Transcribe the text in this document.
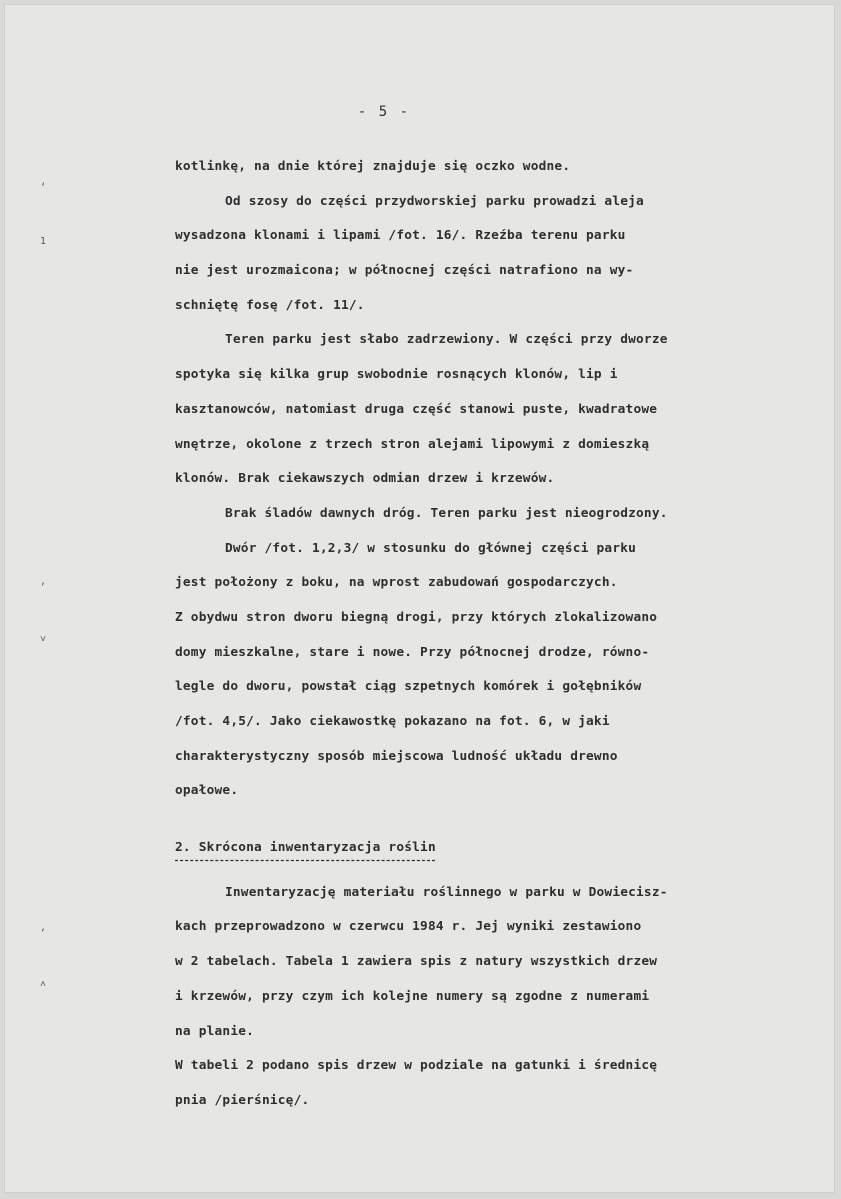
- 5 -
‘
1
‚
˅
‚
˄
kotlinkę, na dnie której znajduje się oczko wodne.
Od szosy do części przydworskiej parku prowadzi aleja
wysadzona klonami i lipami /fot. 16/. Rzeźba terenu parku
nie jest urozmaicona; w północnej części natrafiono na wy-
schniętę fosę /fot. 11/.
Teren parku jest słabo zadrzewiony. W części przy dworze
spotyka się kilka grup swobodnie rosnących klonów, lip i
kasztanowców, natomiast druga część stanowi puste, kwadratowe
wnętrze, okolone z trzech stron alejami lipowymi z domieszką
klonów. Brak ciekawszych odmian drzew i krzewów.
Brak śladów dawnych dróg. Teren parku jest nieogrodzony.
Dwór /fot. 1,2,3/ w stosunku do głównej części parku
jest położony z boku, na wprost zabudowań gospodarczych.
Z obydwu stron dworu biegną drogi, przy których zlokalizowano
domy mieszkalne, stare i nowe. Przy północnej drodze, równo-
legle do dworu, powstał ciąg szpetnych komórek i gołębników
/fot. 4,5/. Jako ciekawostkę pokazano na fot. 6, w jaki
charakterystyczny sposób miejscowa ludność układu drewno
opałowe.
2. Skrócona inwentaryzacja roślin
Inwentaryzację materiału roślinnego w parku w Dowiecisz-
kach przeprowadzono w czerwcu 1984 r. Jej wyniki zestawiono
w 2 tabelach. Tabela 1 zawiera spis z natury wszystkich drzew
i krzewów, przy czym ich kolejne numery są zgodne z numerami
na planie.
W tabeli 2 podano spis drzew w podziale na gatunki i średnicę
pnia /pierśnicę/.
